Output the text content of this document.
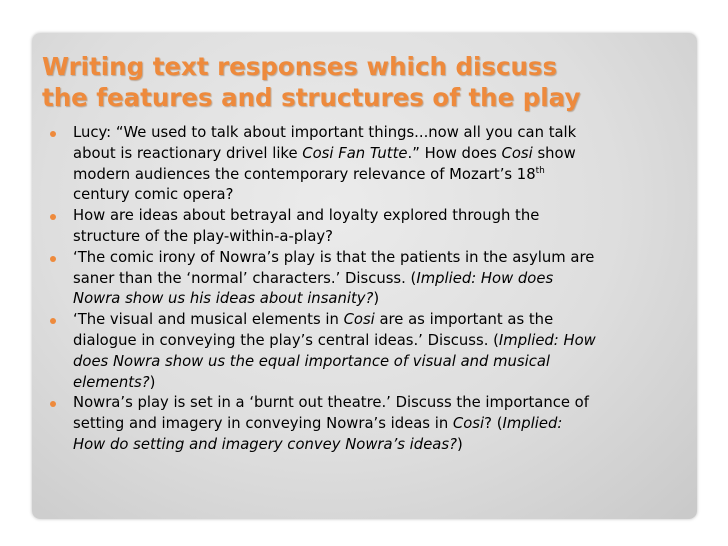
Writing text responses which discuss
the features and structures of the play
Lucy: “We used to talk about important things...now all you can talk
about is reactionary drivel like Cosi Fan Tutte.” How does Cosi show
modern audiences the contemporary relevance of Mozart’s 18th
century comic opera?
How are ideas about betrayal and loyalty explored through the
structure of the play-within-a-play?
‘The comic irony of Nowra’s play is that the patients in the asylum are
saner than the ‘normal’ characters.’ Discuss. (Implied: How does
Nowra show us his ideas about insanity?)
‘The visual and musical elements in Cosi are as important as the
dialogue in conveying the play’s central ideas.’ Discuss. (Implied: How
does Nowra show us the equal importance of visual and musical
elements?)
Nowra’s play is set in a ‘burnt out theatre.’ Discuss the importance of
setting and imagery in conveying Nowra’s ideas in Cosi? (Implied:
How do setting and imagery convey Nowra’s ideas?)
